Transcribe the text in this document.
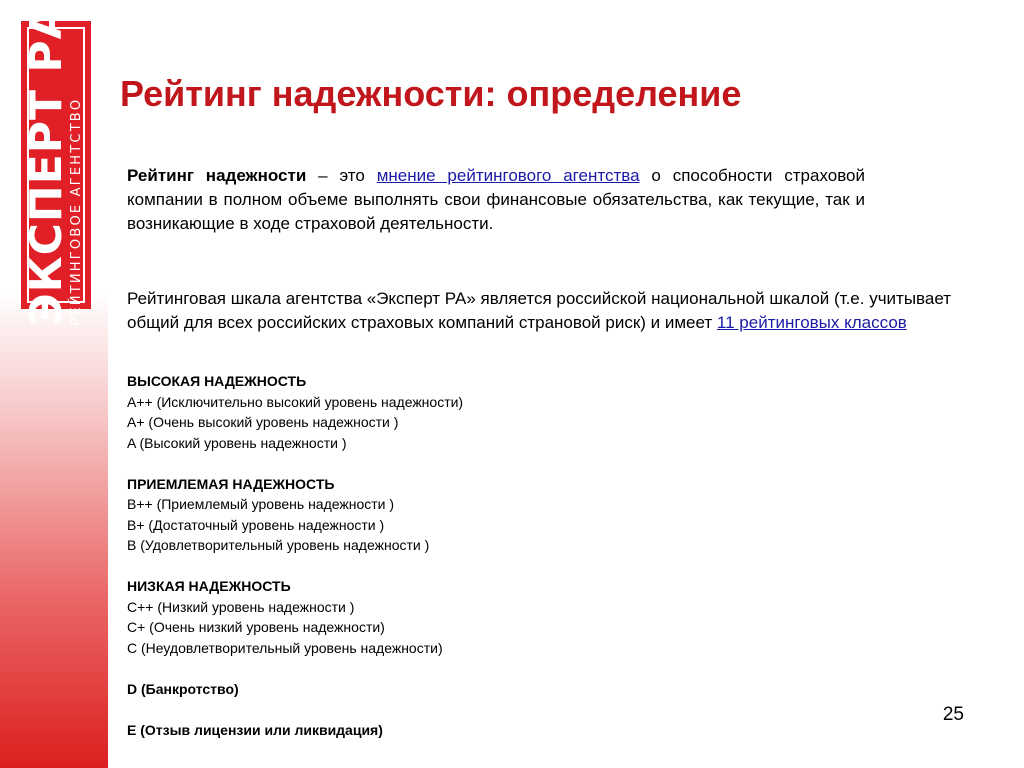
ЭКСПЕРТ РА
РЕЙТИНГОВОЕ АГЕНТСТВО
Рейтинг надежности: определение
Рейтинг надежности – это мнение рейтингового агентства о способности страховой компании в полном объеме выполнять свои финансовые обязательства, как текущие, так и возникающие в ходе страховой деятельности.
Рейтинговая шкала агентства «Эксперт РА» является российской национальной шкалой (т.е. учитывает общий для всех российских страховых компаний страновой риск) и имеет 11 рейтинговых классов
ВЫСОКАЯ НАДЕЖНОСТЬ
A++ (Исключительно высокий уровень надежности)
A+ (Очень высокий уровень надежности )
A (Высокий уровень надежности )
ПРИЕМЛЕМАЯ НАДЕЖНОСТЬ
B++ (Приемлемый уровень надежности )
B+ (Достаточный уровень надежности )
B (Удовлетворительный уровень надежности )
НИЗКАЯ НАДЕЖНОСТЬ
C++ (Низкий уровень надежности )
C+ (Очень низкий уровень надежности)
C (Неудовлетворительный уровень надежности)
D (Банкротство)
E (Отзыв лицензии или ликвидация)
25
